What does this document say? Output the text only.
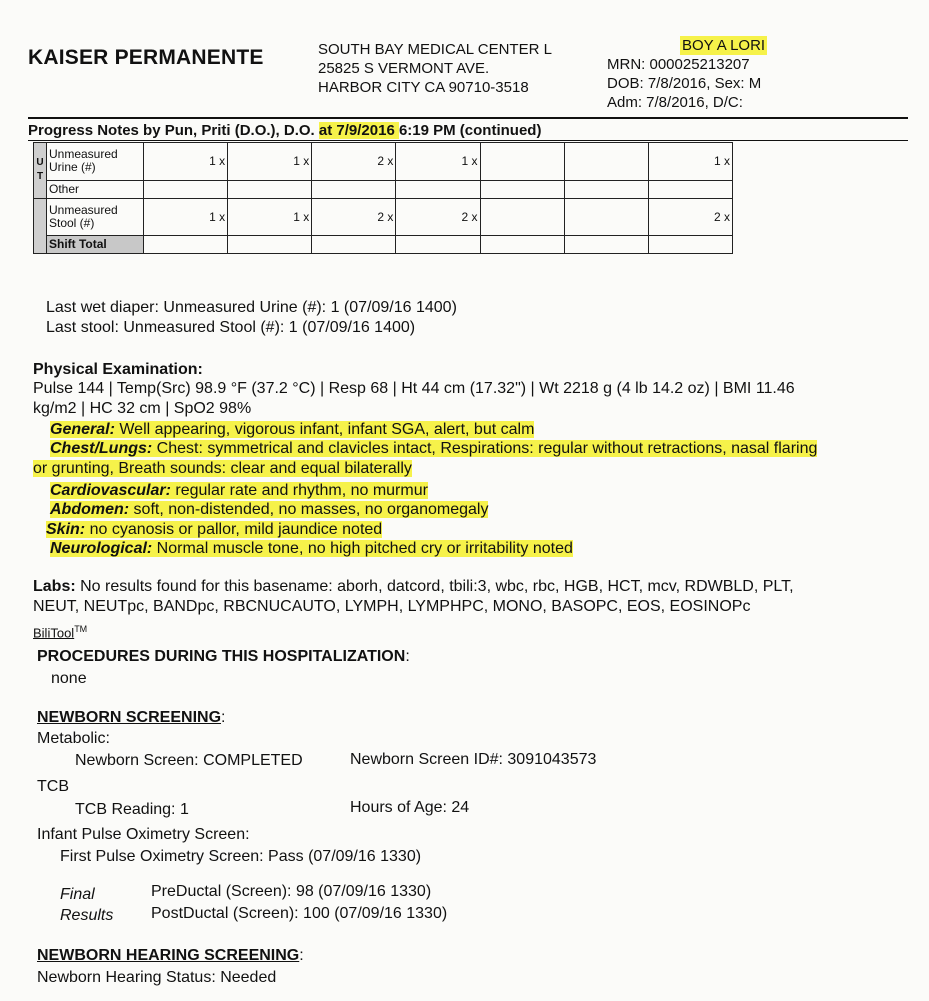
KAISER PERMANENTE	SOUTH BAY MEDICAL CENTER L
25825 S VERMONT AVE.
HARBOR CITY CA 90710-3518
BOY A LORI
MRN: 000025213207
DOB: 7/8/2016, Sex: M
Adm: 7/8/2016, D/C:
Progress Notes by Pun, Priti (D.O.), D.O. at 7/9/2016 6:19 PM (continued)
U T	Unmeasured Urine (#)	1 x	1 x	2 x	1 x			1 x
	Other							
	Unmeasured Stool (#)	1 x	1 x	2 x	2 x			2 x
	Shift Total							
Last wet diaper: Unmeasured Urine (#): 1 (07/09/16 1400)
Last stool: Unmeasured Stool (#): 1 (07/09/16 1400)
Physical Examination:
Pulse 144 | Temp(Src) 98.9 °F (37.2 °C) | Resp 68 | Ht 44 cm (17.32") | Wt 2218 g (4 lb 14.2 oz) | BMI 11.46
kg/m2 | HC 32 cm | SpO2 98%
General: Well appearing, vigorous infant, infant SGA, alert, but calm
Chest/Lungs: Chest: symmetrical and clavicles intact, Respirations: regular without retractions, nasal flaring
or grunting, Breath sounds: clear and equal bilaterally
Cardiovascular: regular rate and rhythm, no murmur
Abdomen: soft, non-distended, no masses, no organomegaly
Skin: no cyanosis or pallor, mild jaundice noted
Neurological: Normal muscle tone, no high pitched cry or irritability noted
Labs: No results found for this basename: aborh, datcord, tbili:3, wbc, rbc, HGB, HCT, mcv, RDWBLD, PLT,
NEUT, NEUTpc, BANDpc, RBCNUCAUTO, LYMPH, LYMPHPC, MONO, BASOPC, EOS, EOSINOPc
BiliTool™
PROCEDURES DURING THIS HOSPITALIZATION:
none
NEWBORN SCREENING:
Metabolic:
Newborn Screen: COMPLETED	Newborn Screen ID#: 3091043573
TCB
TCB Reading: 1	Hours of Age: 24
Infant Pulse Oximetry Screen:
First Pulse Oximetry Screen: Pass (07/09/16 1330)
Final
Results
PreDuctal (Screen): 98 (07/09/16 1330)
PostDuctal (Screen): 100 (07/09/16 1330)
NEWBORN HEARING SCREENING:
Newborn Hearing Status: Needed
